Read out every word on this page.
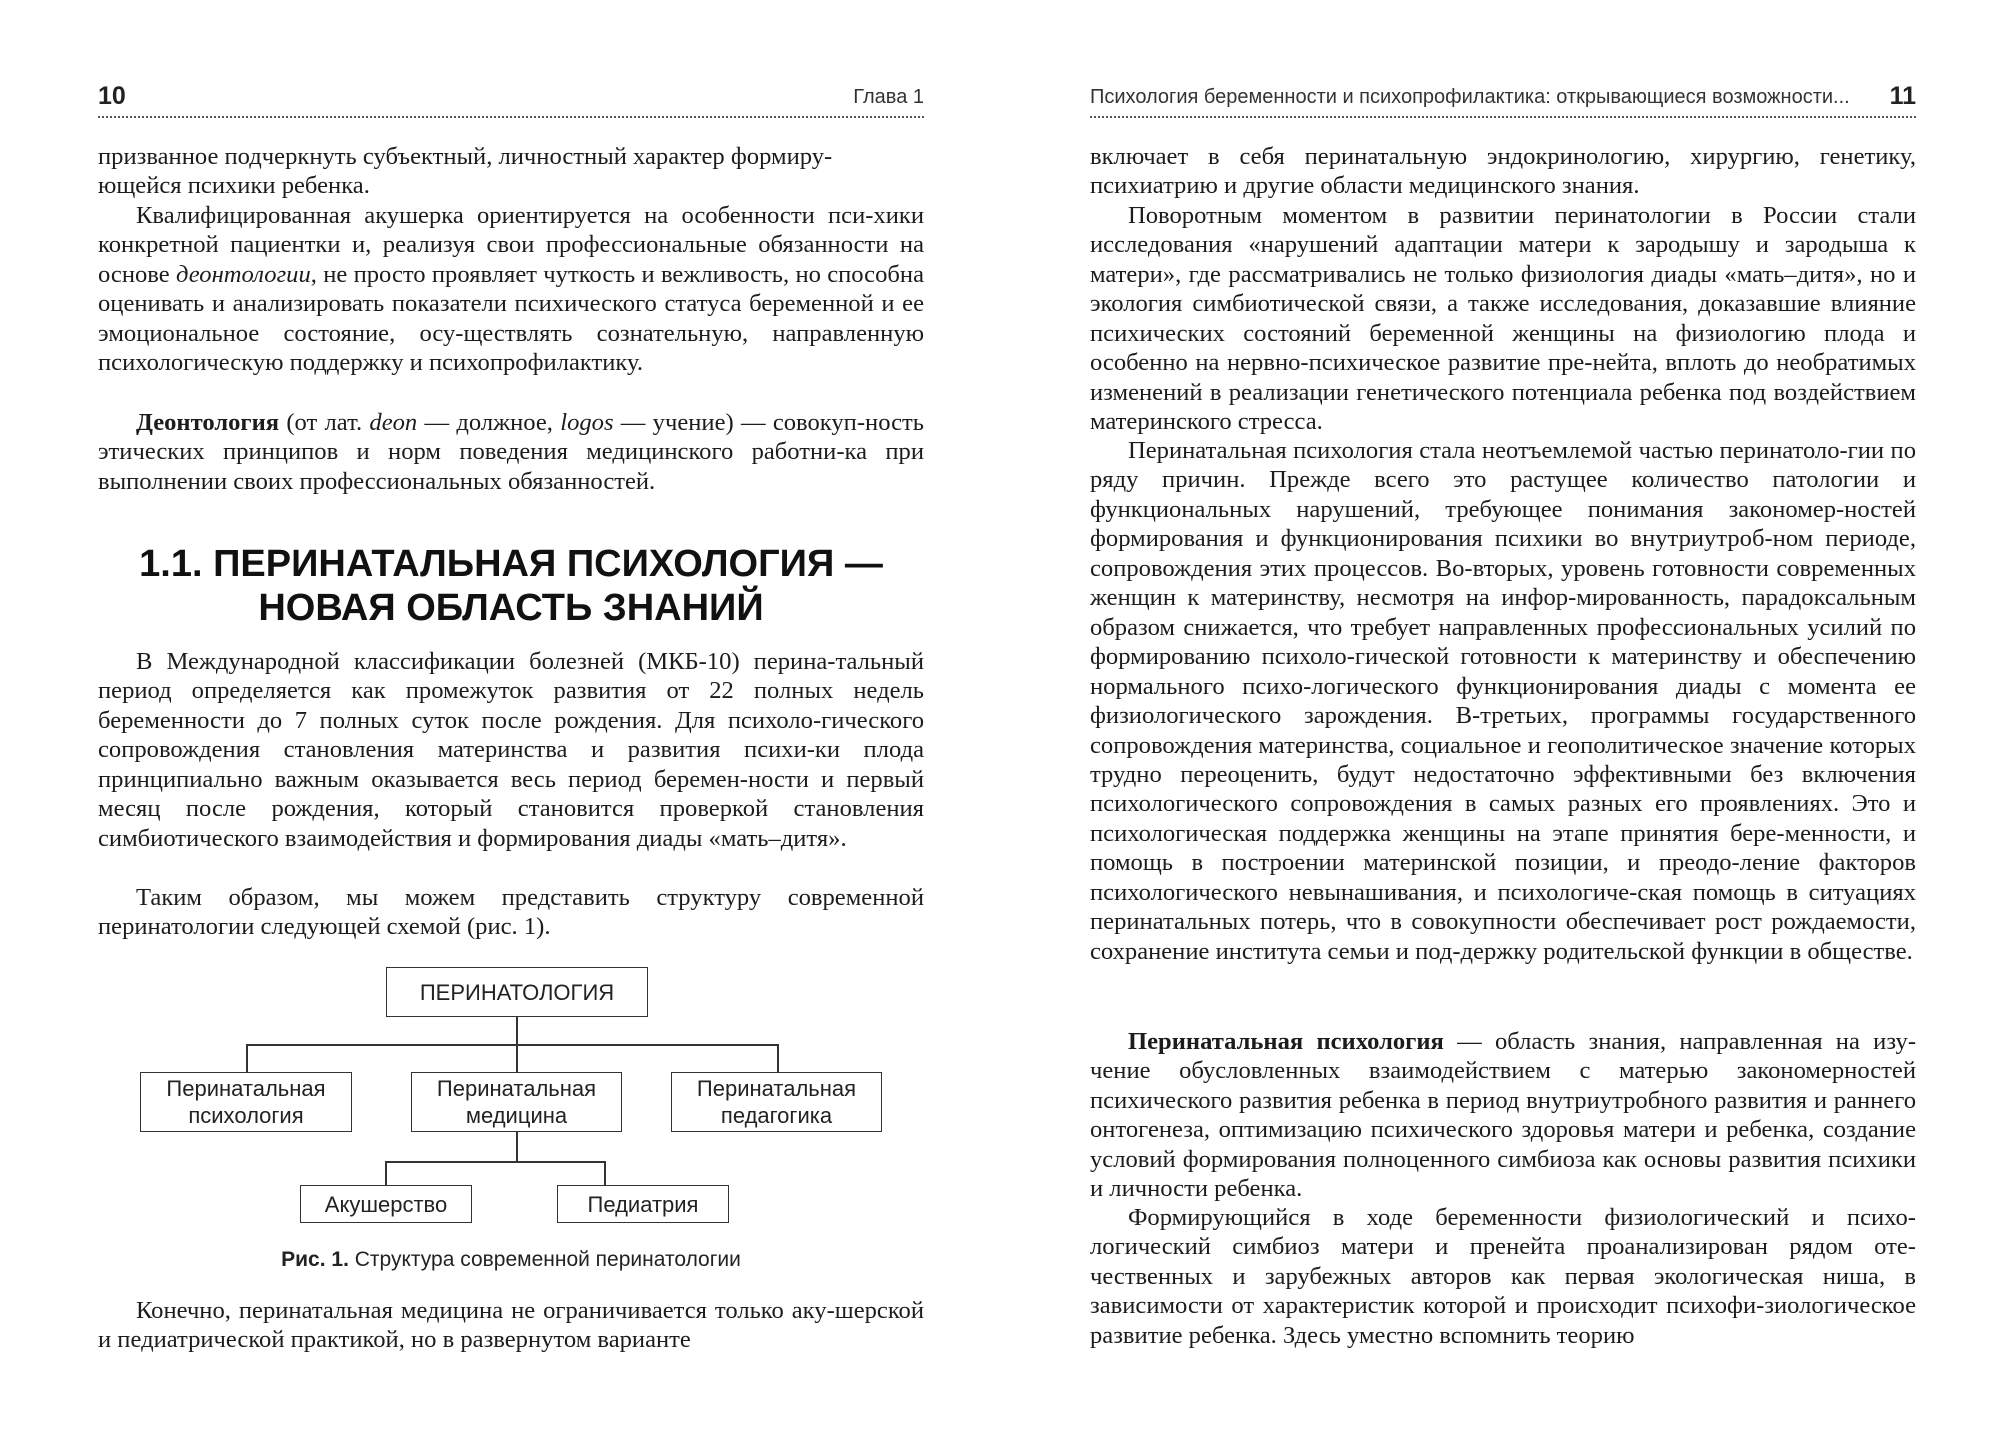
10	Глава 1

призванное подчеркнуть субъектный, личностный характер формиру-
ющейся психики ребенка.

Квалифицированная акушерка ориентируется на особенности пси-хики конкретной пациентки и, реализуя свои профессиональные обязанности на основе деонтологии, не просто проявляет чуткость и вежливость, но способна оценивать и анализировать показатели психического статуса беременной и ее эмоциональное состояние, осу-ществлять сознательную, направленную психологическую поддержку и психопрофилактику.

Деонтология (от лат. deon — должное, logos — учение) — совокуп-ность этических принципов и норм поведения медицинского работни-ка при выполнении своих профессиональных обязанностей.

1.1. ПЕРИНАТАЛЬНАЯ ПСИХОЛОГИЯ —
НОВАЯ ОБЛАСТЬ ЗНАНИЙ

В Международной классификации болезней (МКБ-10) перина-тальный период определяется как промежуток развития от 22 полных недель беременности до 7 полных суток после рождения. Для психоло-гического сопровождения становления материнства и развития психи-ки плода принципиально важным оказывается весь период беремен-ности и первый месяц после рождения, который становится проверкой становления симбиотического взаимодействия и формирования диады «мать–дитя».

Таким образом, мы можем представить структуру современной перинатологии следующей схемой (рис. 1).

ПЕРИНАТОЛОГИЯ
Перинатальная
психология
Перинатальная
медицина
Перинатальная
педагогика
Акушерство	Педиатрия
Рис. 1. Структура современной перинатологии

Конечно, перинатальная медицина не ограничивается только аку-шерской и педиатрической практикой, но в развернутом варианте

Психология беременности и психопрофилактика: открывающиеся возможности... 11

включает в себя перинатальную эндокринологию, хирургию, генетику, психиатрию и другие области медицинского знания.

Поворотным моментом в развитии перинатологии в России стали исследования «нарушений адаптации матери к зародышу и зародыша к матери», где рассматривались не только физиология диады «мать–дитя», но и экология симбиотической связи, а также исследования, доказавшие влияние психических состояний беременной женщины на физиологию плода и особенно на нервно-психическое развитие пре-нейта, вплоть до необратимых изменений в реализации генетического потенциала ребенка под воздействием материнского стресса.

Перинатальная психология стала неотъемлемой частью перинатоло-гии по ряду причин. Прежде всего это растущее количество патологии и функциональных нарушений, требующее понимания закономер-ностей формирования и функционирования психики во внутриутроб-ном периоде, сопровождения этих процессов. Во-вторых, уровень готовности современных женщин к материнству, несмотря на инфор-мированность, парадоксальным образом снижается, что требует направленных профессиональных усилий по формированию психоло-гической готовности к материнству и обеспечению нормального психо-логического функционирования диады с момента ее физиологического зарождения. В-третьих, программы государственного сопровождения материнства, социальное и геополитическое значение которых трудно переоценить, будут недостаточно эффективными без включения психологического сопровождения в самых разных его проявлениях. Это и психологическая поддержка женщины на этапе принятия бере-менности, и помощь в построении материнской позиции, и преодо-ление факторов психологического невынашивания, и психологиче-ская помощь в ситуациях перинатальных потерь, что в совокупности обеспечивает рост рождаемости, сохранение института семьи и под-держку родительской функции в обществе.

Перинатальная психология — область знания, направленная на изу-чение обусловленных взаимодействием с матерью закономерностей психического развития ребенка в период внутриутробного развития и раннего онтогенеза, оптимизацию психического здоровья матери и ребенка, создание условий формирования полноценного симбиоза как основы развития психики и личности ребенка.

Формирующийся в ходе беременности физиологический и психо-логический симбиоз матери и пренейта проанализирован рядом оте-чественных и зарубежных авторов как первая экологическая ниша, в зависимости от характеристик которой и происходит психофи-зиологическое развитие ребенка. Здесь уместно вспомнить теорию
